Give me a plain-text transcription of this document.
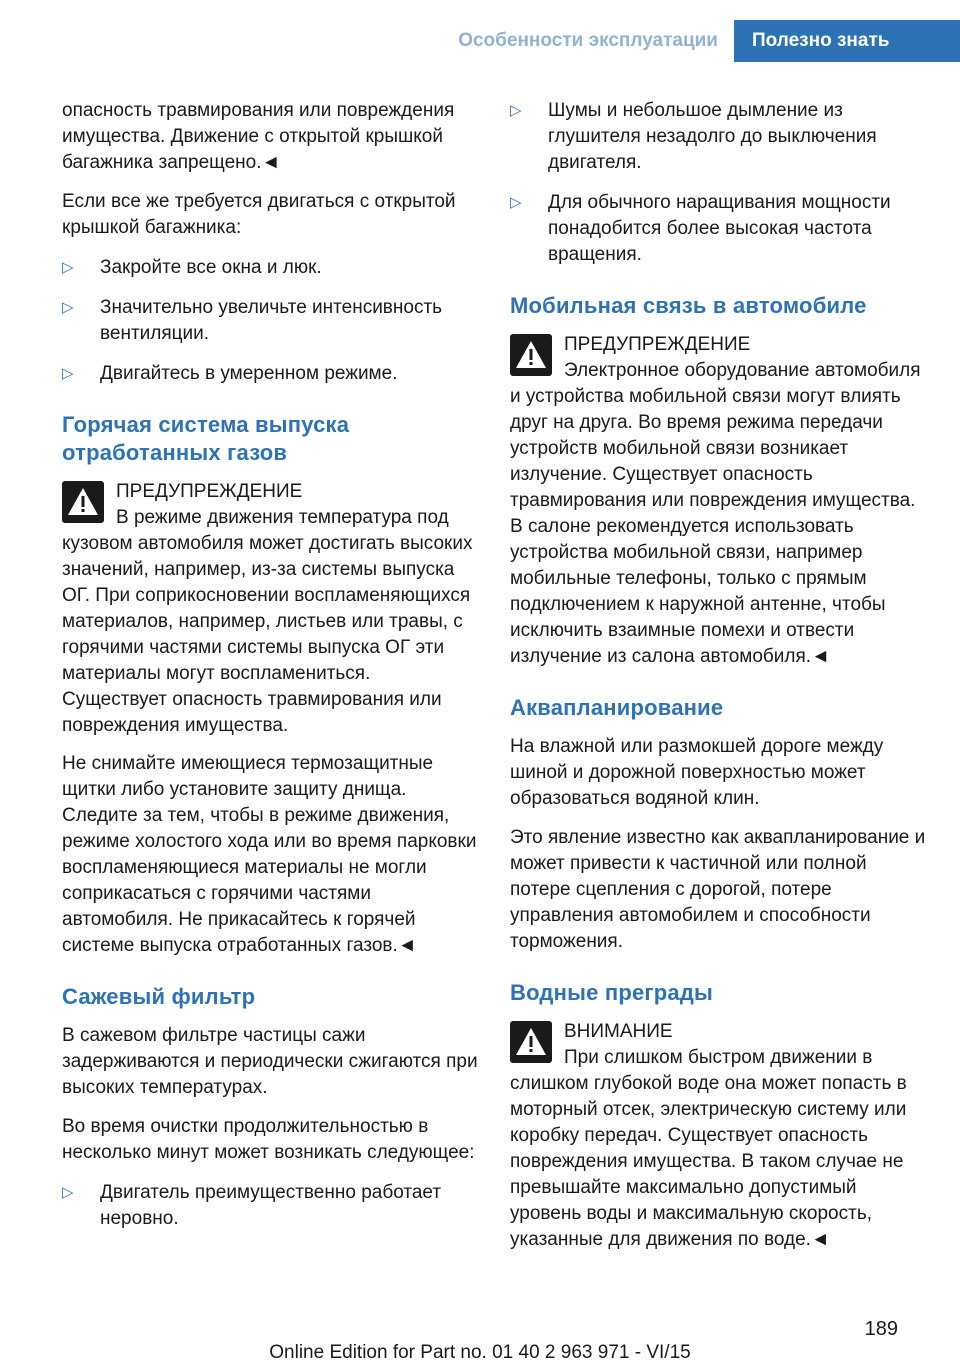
Особенности эксплуатации	Полезно знать

опасность травмирования или повреждения имущества. Движение с открытой крышкой багажника запрещено.◄

Если все же требуется двигаться с открытой крышкой багажника:

▷ Закройте все окна и люк.
▷ Значительно увеличьте интенсивность вентиляции.
▷ Двигайтесь в умеренном режиме.
Горячая система выпуска отработанных газов
ПРЕДУПРЕЖДЕНИЕ
В режиме движения температура под кузовом автомобиля может достигать высоких значений, например, из-за системы выпуска ОГ. При соприкосновении воспламеняющихся материалов, например, листьев или травы, с горячими частями системы выпуска ОГ эти материалы могут воспламениться. Существует опасность травмирования или повреждения имущества.

Не снимайте имеющиеся термозащитные щитки либо установите защиту днища. Следите за тем, чтобы в режиме движения, режиме холостого хода или во время парковки воспламеняющиеся материалы не могли соприкасаться с горячими частями автомобиля. Не прикасайтесь к горячей системе выпуска отработанных газов.◄

Сажевый фильтр

В сажевом фильтре частицы сажи задерживаются и периодически сжигаются при высоких температурах.

Во время очистки продолжительностью в несколько минут может возникать следующее:

▷ Двигатель преимущественно работает неровно.
▷ Шумы и небольшое дымление из глушителя незадолго до выключения двигателя.
▷ Для обычного наращивания мощности понадобится более высокая частота вращения.
Мобильная связь в автомобиле
ПРЕДУПРЕЖДЕНИЕ
Электронное оборудование автомобиля и устройства мобильной связи могут влиять друг на друга. Во время режима передачи устройств мобильной связи возникает излучение. Существует опасность травмирования или повреждения имущества. В салоне рекомендуется использовать устройства мобильной связи, например мобильные телефоны, только с прямым подключением к наружной антенне, чтобы исключить взаимные помехи и отвести излучение из салона автомобиля.◄
Аквапланирование

На влажной или размокшей дороге между шиной и дорожной поверхностью может образоваться водяной клин.

Это явление известно как аквапланирование и может привести к частичной или полной потере сцепления с дорогой, потере управления автомобилем и способности торможения.

Водные преграды
ВНИМАНИЕ
При слишком быстром движении в слишком глубокой воде она может попасть в моторный отсек, электрическую систему или коробку передач. Существует опасность повреждения имущества. В таком случае не превышайте максимально допустимый уровень воды и максимальную скорость, указанные для движения по воде.◄
189
Online Edition for Part no. 01 40 2 963 971 - VI/15
